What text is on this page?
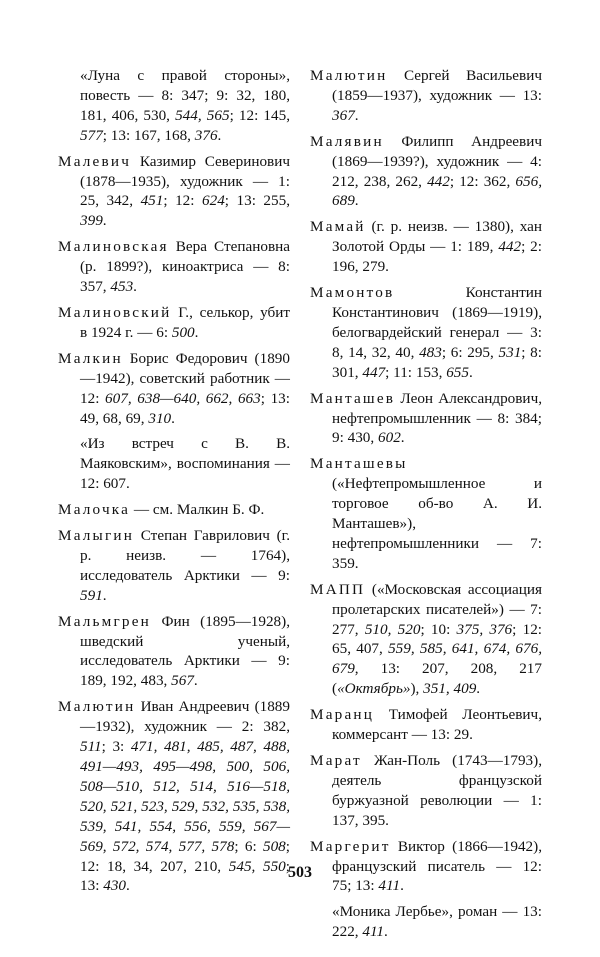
«Луна с правой стороны», повесть — 8: 347; 9: 32, 180, 181, 406, 530, 544, 565; 12: 145, 577; 13: 167, 168, 376.

Малевич Казимир Северинович (1878—1935), художник — 1: 25, 342, 451; 12: 624; 13: 255, 399.

Малиновская Вера Степановна (р. 1899?), киноактриса — 8: 357, 453.

Малиновский Г., селькор, убит в 1924 г. — 6: 500.

Малкин Борис Федорович (1890—1942), советский работник — 12: 607, 638—640, 662, 663; 13: 49, 68, 69, 310.

«Из встреч с В. В. Маяковским», воспоминания — 12: 607.

Малочка — см. Малкин Б. Ф.

Малыгин Степан Гаврилович (г. р. неизв. — 1764), исследователь Арктики — 9: 591.

Мальмгрен Фин (1895—1928), шведский ученый, исследователь Арктики — 9: 189, 192, 483, 567.

Малютин Иван Андреевич (1889—1932), художник — 2: 382, 511; 3: 471, 481, 485, 487, 488, 491—493, 495—498, 500, 506, 508—510, 512, 514, 516—518, 520, 521, 523, 529, 532, 535, 538, 539, 541, 554, 556, 559, 567—569, 572, 574, 577, 578; 6: 508; 12: 18, 34, 207, 210, 545, 550; 13: 430.

Малютин Сергей Васильевич (1859—1937), художник — 13: 367.

Малявин Филипп Андреевич (1869—1939?), художник — 4: 212, 238, 262, 442; 12: 362, 656, 689.

Мамай (г. р. неизв. — 1380), хан Золотой Орды — 1: 189, 442; 2: 196, 279.

Мамонтов Константин Константинович (1869—1919), белогвардейский генерал — 3: 8, 14, 32, 40, 483; 6: 295, 531; 8: 301, 447; 11: 153, 655.

Манташев Леон Александрович, нефтепромышленник — 8: 384; 9: 430, 602.

Манташевы («Нефтепромышленное и торговое об-во А. И. Манташев»), нефтепромышленники — 7: 359.

МАПП («Московская ассоциация пролетарских писателей») — 7: 277, 510, 520; 10: 375, 376; 12: 65, 407, 559, 585, 641, 674, 676, 679, 13: 207, 208, 217 («Октябрь»), 351, 409.

Маранц Тимофей Леонтьевич, коммерсант — 13: 29.

Марат Жан-Поль (1743—1793), деятель французской буржуазной революции — 1: 137, 395.

Маргерит Виктор (1866—1942), французский писатель — 12: 75; 13: 411.

«Моника Лербье», роман — 13: 222, 411.

503
